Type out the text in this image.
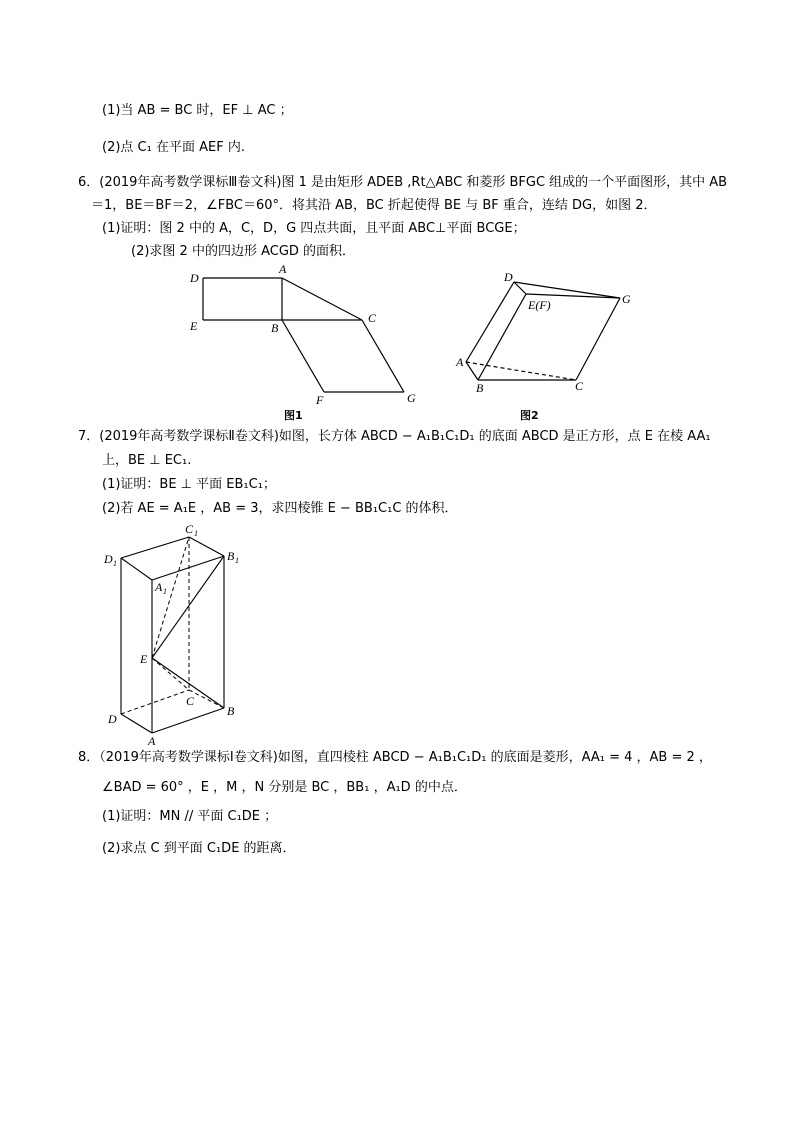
(1)当 AB = BC 时，EF ⊥ AC ；
(2)点 C₁ 在平面 AEF 内.
6．(2019年高考数学课标Ⅲ卷文科)图 1 是由矩形 ADEB ,Rt△ABC 和菱形 BFGC 组成的一个平面图形，其中 AB
＝1，BE＝BF＝2，∠FBC＝60°．将其沿 AB，BC 折起使得 BE 与 BF 重合，连结 DG，如图 2．
(1)证明：图 2 中的 A，C，D，G 四点共面，且平面 ABC⊥平面 BCGE；
(2)求图 2 中的四边形 ACGD 的面积．
D
A
E	B
C
F	G
图1
D
E(F)	G
A
B	C
图2
C 1
D 1
B 1
A 1
E
C
D
B
A
7．(2019年高考数学课标Ⅱ卷文科)如图，长方体 ABCD − A₁B₁C₁D₁ 的底面 ABCD 是正方形，点 E 在棱 AA₁
上，BE ⊥ EC₁.
(1)证明：BE ⊥ 平面 EB₁C₁；
(2)若 AE = A₁E ，AB = 3，求四棱锥 E − BB₁C₁C 的体积．
8．（2019年高考数学课标Ⅰ卷文科)如图，直四棱柱 ABCD − A₁B₁C₁D₁ 的底面是菱形，AA₁ = 4 ，AB = 2 ，
∠BAD = 60° ，E ，M ，N 分别是 BC ，BB₁ ，A₁D 的中点．
(1)证明：MN // 平面 C₁DE ；
(2)求点 C 到平面 C₁DE 的距离．
